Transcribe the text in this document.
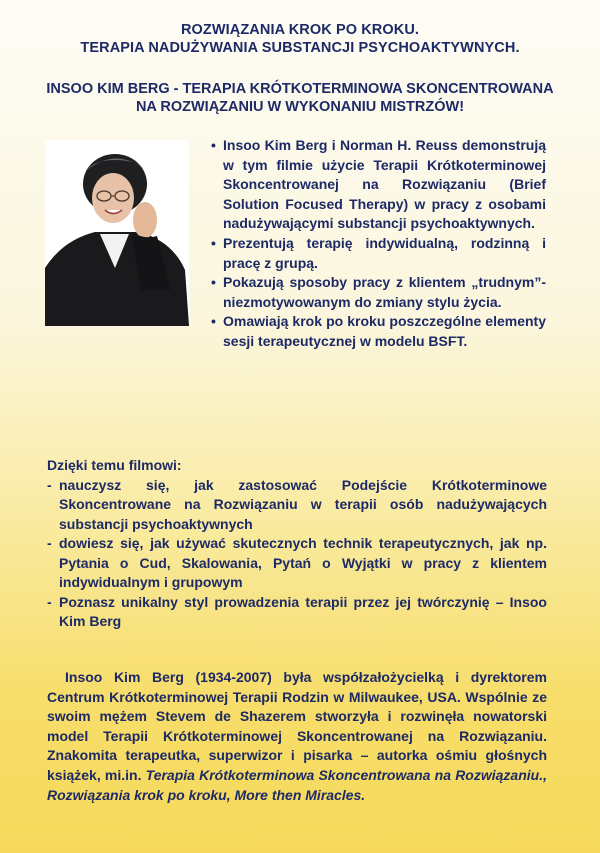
ROZWIĄZANIA KROK PO KROKU.
TERAPIA NADUŻYWANIA SUBSTANCJI PSYCHOAKTYWNYCH.
INSOO KIM BERG - TERAPIA KRÓTKOTERMINOWA SKONCENTROWANA
NA ROZWIĄZANIU W WYKONANIU MISTRZÓW!
• Insoo Kim Berg i Norman H. Reuss demonstrują w tym filmie użycie Terapii Krótkoterminowej Skoncentrowanej na Rozwiązaniu (Brief Solution Focused Therapy) w pracy z osobami nadużywającymi substancji psychoaktywnych.
• Prezentują terapię indywidualną, rodzinną i pracę z grupą.
• Pokazują sposoby pracy z klientem „trudnym”-niezmotywowanym do zmiany stylu życia.
• Omawiają krok po kroku poszczególne elementy sesji terapeutycznej w modelu BSFT.
Dzięki temu filmowi:
- nauczysz się, jak zastosować Podejście Krótkoterminowe Skoncentrowane na Rozwiązaniu w terapii osób nadużywających substancji psychoaktywnych
- dowiesz się, jak używać skutecznych technik terapeutycznych, jak np. Pytania o Cud, Skalowania, Pytań o Wyjątki w pracy z klientem indywidualnym i grupowym
- Poznasz unikalny styl prowadzenia terapii przez jej twórczynię – Insoo Kim Berg
Insoo Kim Berg (1934-2007) była współzałożycielką i dyrektorem Centrum Krótkoterminowej Terapii Rodzin w Milwaukee, USA. Wspólnie ze swoim mężem Stevem de Shazerem stworzyła i rozwinęła nowatorski model Terapii Krótkoterminowej Skoncentrowanej na Rozwiązaniu. Znakomita terapeutka, superwizor i pisarka – autorka ośmiu głośnych książek, mi.in. Terapia Krótkoterminowa Skoncentrowana na Rozwiązaniu., Rozwiązania krok po kroku, More then Miracles.
